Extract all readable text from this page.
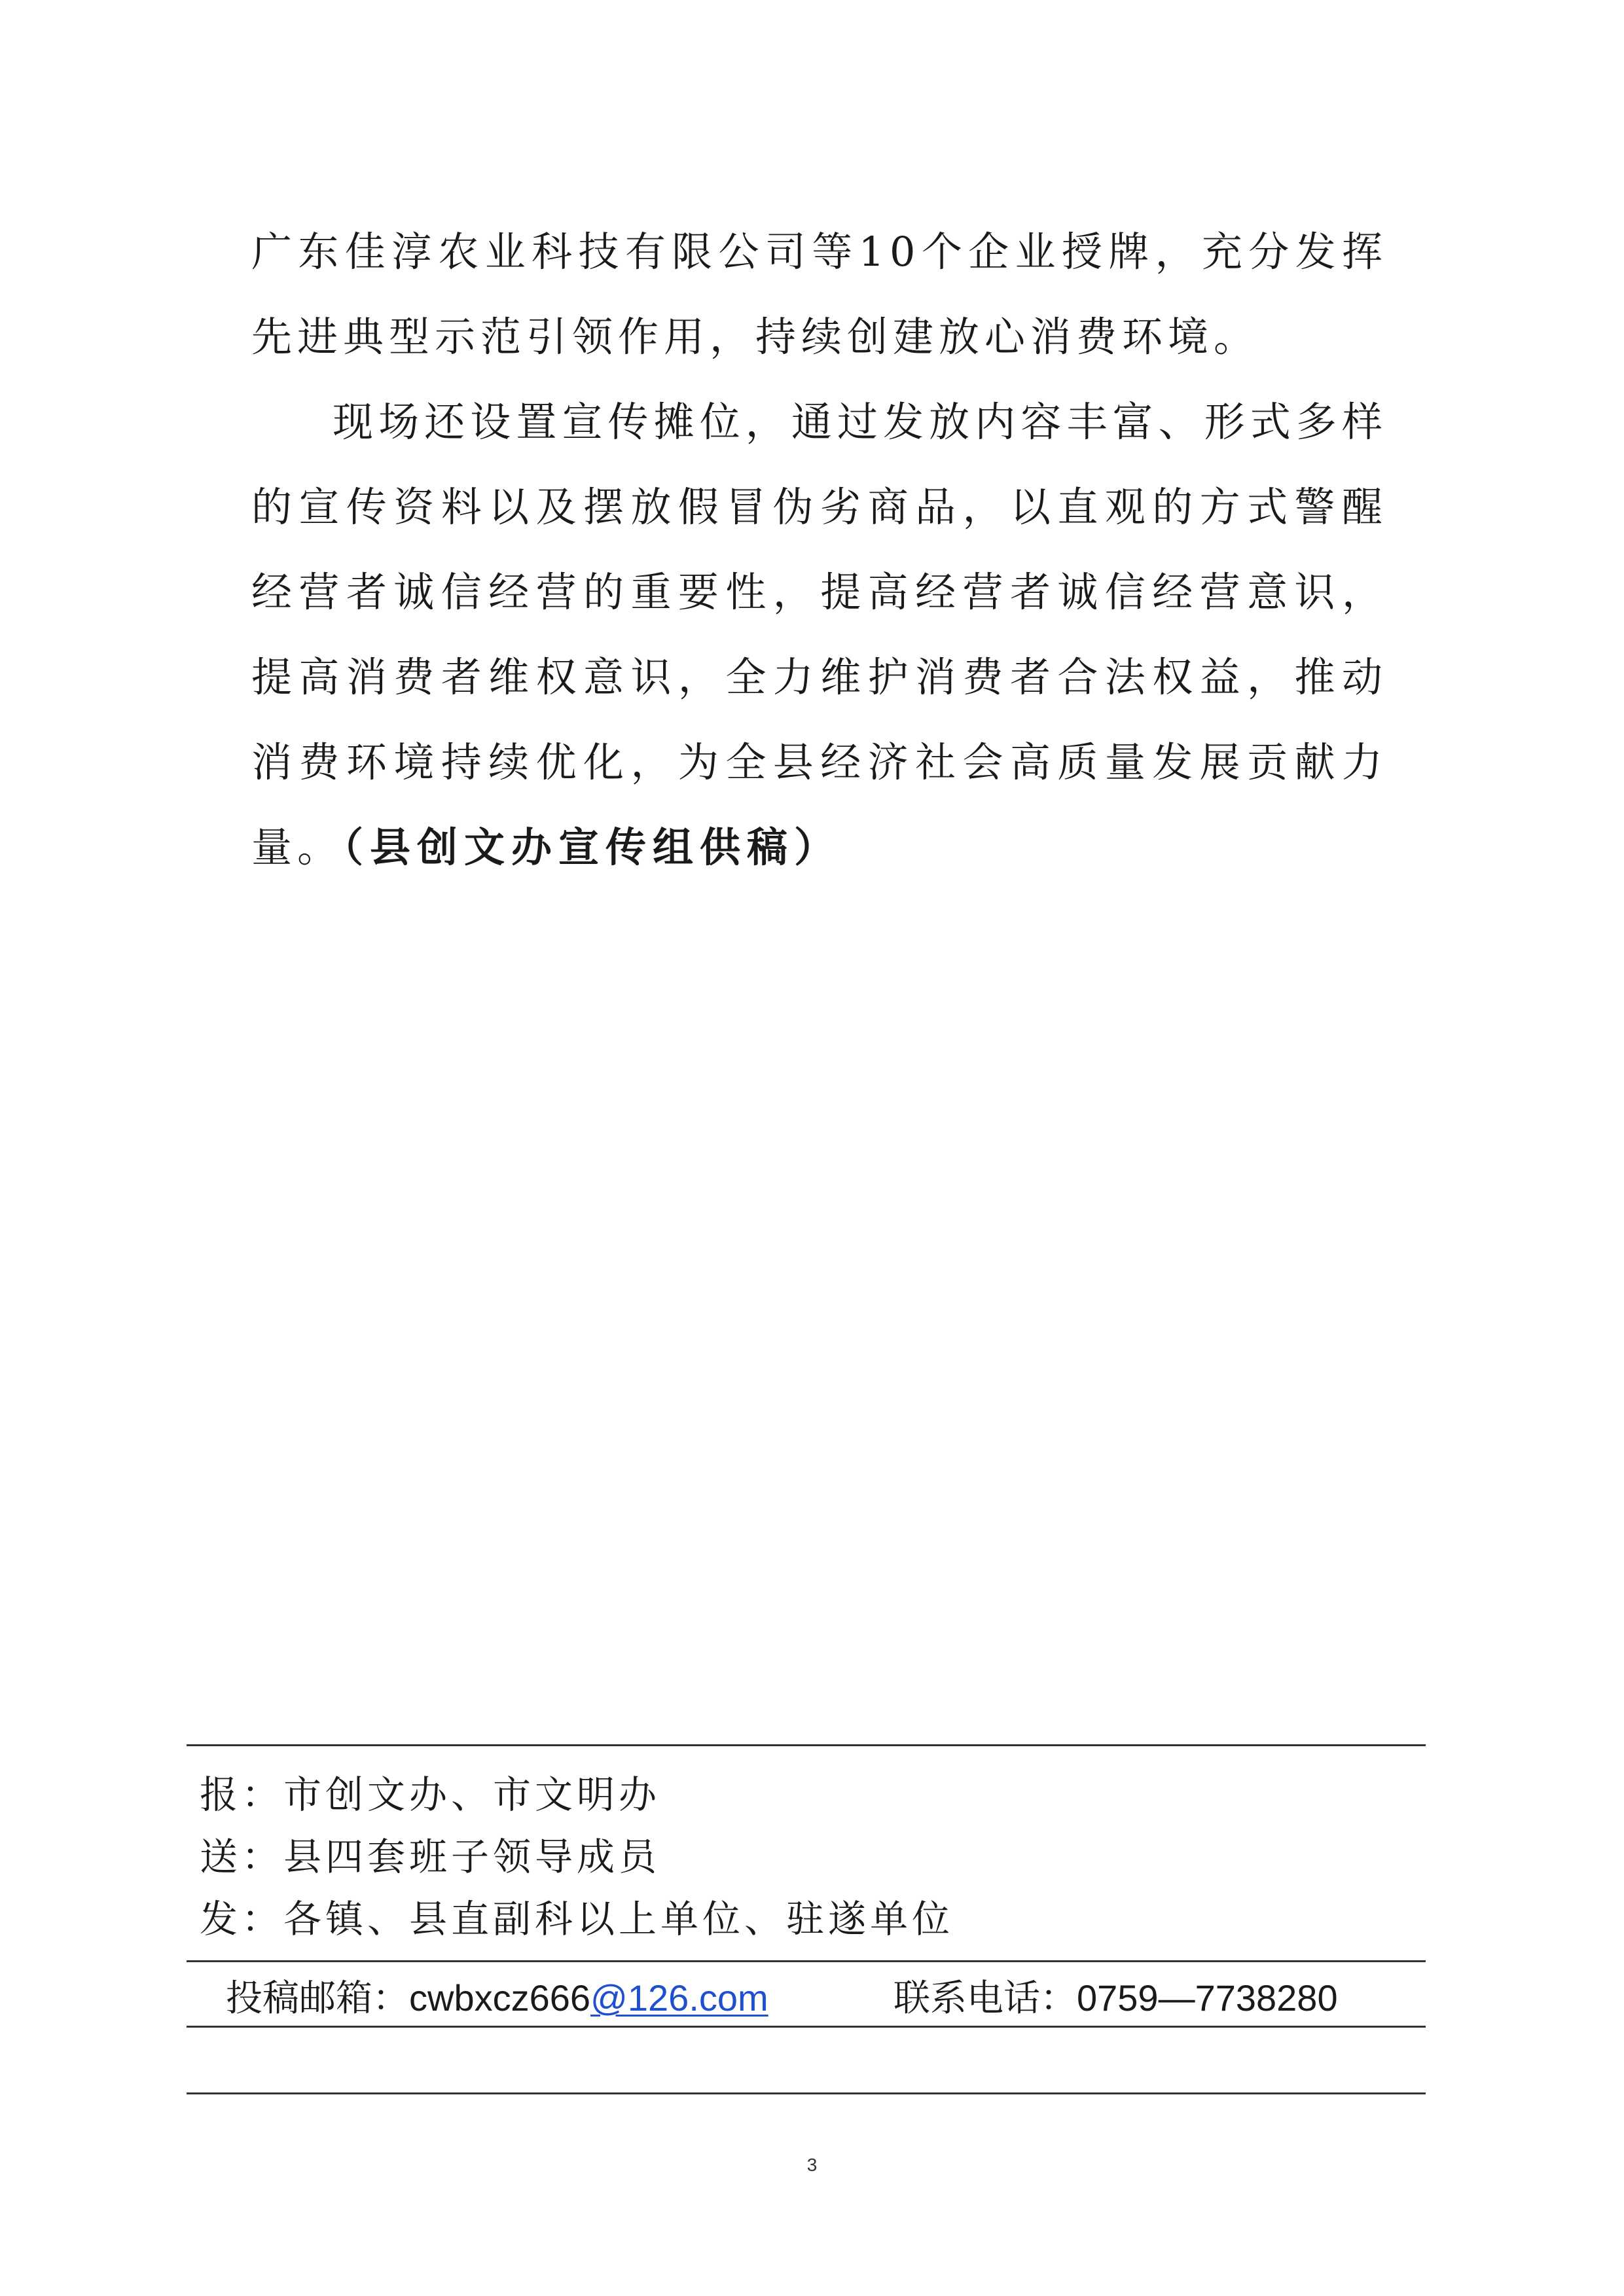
广东佳淳农业科技有限公司等10个企业授牌，充分发挥先进典型示范引领作用，持续创建放心消费环境。

现场还设置宣传摊位，通过发放内容丰富、形式多样的宣传资料以及摆放假冒伪劣商品，以直观的方式警醒经营者诚信经营的重要性，提高经营者诚信经营意识，提高消费者维权意识，全力维护消费者合法权益，推动消费环境持续优化，为全县经济社会高质量发展贡献力量。（县创文办宣传组供稿）

报：市创文办、市文明办
送：县四套班子领导成员
发：各镇、县直副科以上单位、驻遂单位
投稿邮箱：cwbxcz666@126.com	联系电话：0759—7738280
3
